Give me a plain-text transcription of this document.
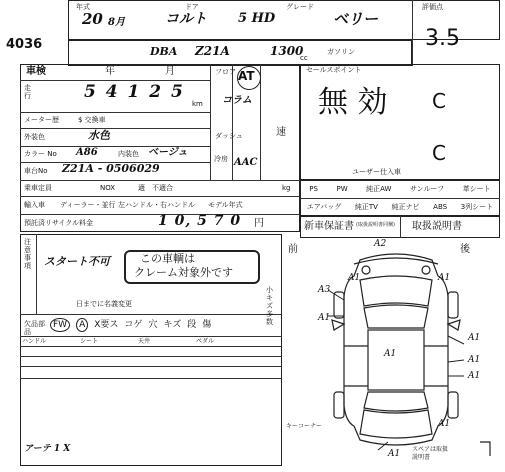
年式	ドア	グレード	評価点
20 8月	コルト 5 HD	ベリー
4036	DBA Z21A	1300
cc
ガソリン
3.5
車検	年	月
走行	5 4 1 2 5
km
メーター歴	$ 交換車
外装色	水色
カラー No A86	内装色 ベージュ
車台No Z21A - 0506029
フロア AT
コラム
ダッシュ	速
冷房 AAC
乗車定員	NOX	適 不適合	kg
輸入車 ディーラー・並行 左ハンドル・右ハンドル モデル年式
預託済リサイクル料金	1 0, 5 7 0 円
セールスポイント
無 効 C
C
ユーザー仕入車
PS	PW	純正AW	サンルーフ	革シート
エアバッグ 純正TV 純正ナビ ABS 3列シート
新車保証書 (取扱説明書同梱) 取扱説明書
注意事項 スタート不可	この車輌は
クレーム対象外です
日までに名義変更
欠品部品
FW	A	X要ス コゲ 穴 キズ 段 傷
ハンドル	シート	天井	ペダル
アーテ 1 X
前	後
小キズ多数
キーコーナー
スペアは取扱説明書
A2
A3
A1
A1
A1
A1
A1
A1
A1	A1
A1
